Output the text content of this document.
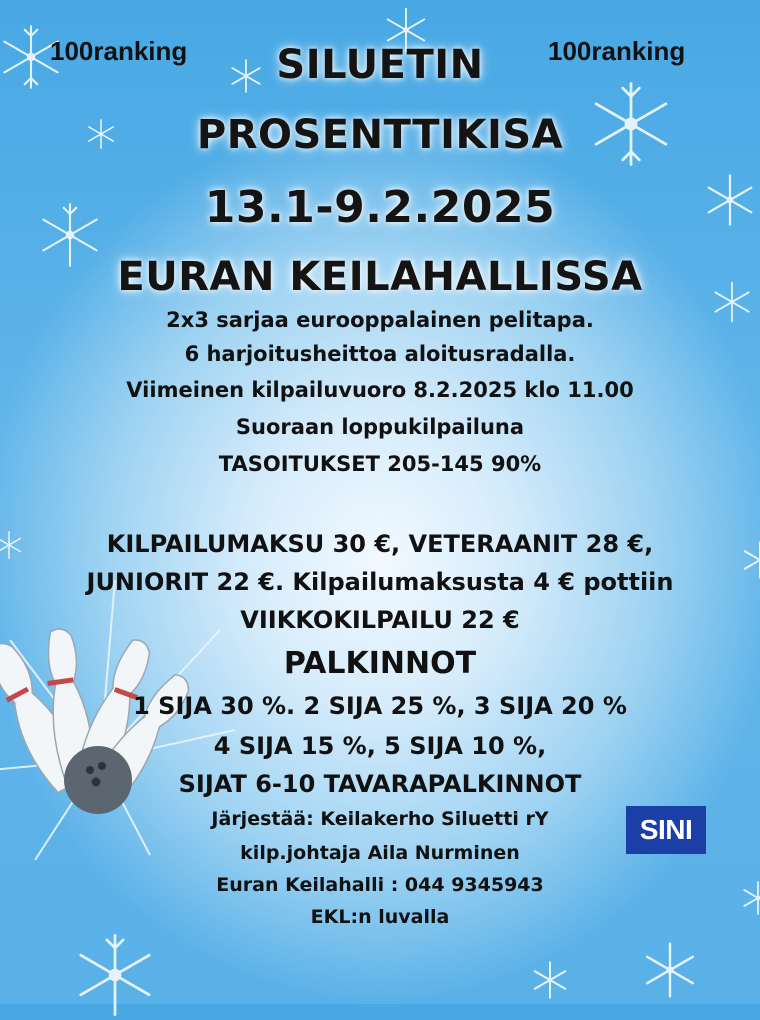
100ranking	100ranking
SILUETIN
PROSENTTIKISA
13.1-9.2.2025
EURAN KEILAHALLISSA
2x3 sarjaa eurooppalainen pelitapa.
6 harjoitusheittoa aloitusradalla.
Viimeinen kilpailuvuoro 8.2.2025 klo 11.00
Suoraan loppukilpailuna
TASOITUKSET 205-145 90%
KILPAILUMAKSU 30 €, VETERAANIT 28 €,
JUNIORIT 22 €. Kilpailumaksusta 4 € pottiin
VIIKKOKILPAILU 22 €
PALKINNOT
1 SIJA 30 %. 2 SIJA 25 %, 3 SIJA 20 %
4 SIJA 15 %, 5 SIJA 10 %,
SIJAT 6-10 TAVARAPALKINNOT
Järjestää: Keilakerho Siluetti rY
kilp.johtaja Aila Nurminen
Euran Keilahalli : 044 9345943
EKL:n luvalla
SINI
